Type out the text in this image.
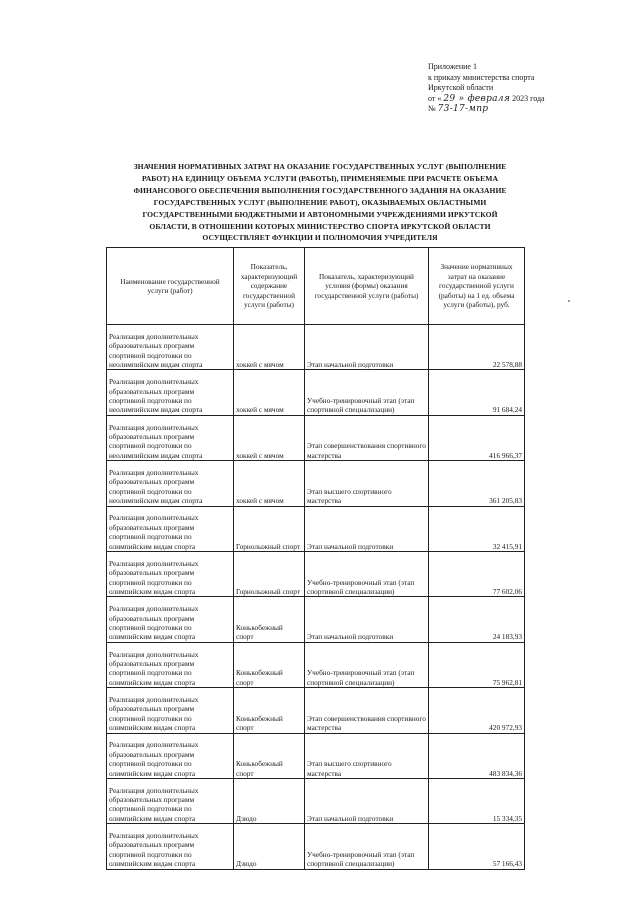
Приложение 1
к приказу министерства спорта
Иркутской области
от « 29 » февраля 2023 года
№ 73-17-мпр
ЗНАЧЕНИЯ НОРМАТИВНЫХ ЗАТРАТ НА ОКАЗАНИЕ ГОСУДАРСТВЕННЫХ УСЛУГ (ВЫПОЛНЕНИЕ
РАБОТ) НА ЕДИНИЦУ ОБЪЕМА УСЛУГИ (РАБОТЫ), ПРИМЕНЯЕМЫЕ ПРИ РАСЧЕТЕ ОБЪЕМА
ФИНАНСОВОГО ОБЕСПЕЧЕНИЯ ВЫПОЛНЕНИЯ ГОСУДАРСТВЕННОГО ЗАДАНИЯ НА ОКАЗАНИЕ
ГОСУДАРСТВЕННЫХ УСЛУГ (ВЫПОЛНЕНИЕ РАБОТ), ОКАЗЫВАЕМЫХ ОБЛАСТНЫМИ
ГОСУДАРСТВЕННЫМИ БЮДЖЕТНЫМИ И АВТОНОМНЫМИ УЧРЕЖДЕНИЯМИ ИРКУТСКОЙ
ОБЛАСТИ, В ОТНОШЕНИИ КОТОРЫХ МИНИСТЕРСТВО СПОРТА ИРКУТСКОЙ ОБЛАСТИ
ОСУЩЕСТВЛЯЕТ ФУНКЦИИ И ПОЛНОМОЧИЯ УЧРЕДИТЕЛЯ
Наименование государственной услуги (работ)	Показатель, характеризующий содержание государственной услуги (работы)	Показатель, характеризующий условия (формы) оказания государственной услуги (работы)	Значение нормативных затрат на оказание государственной услуги (работы) на 1 ед. объема услуги (работы), руб.

Реализация дополнительных
образовательных программ
спортивной подготовки по
неолимпийским видам спорта	хоккей с мячом	Этап начальной подготовки	22 578,88

Реализация дополнительных
образовательных программ
спортивной подготовки по
неолимпийским видам спорта	хоккей с мячом	Учебно-тренировочный этап (этап спортивной специализации)	91 684,24

Реализация дополнительных
образовательных программ
спортивной подготовки по
неолимпийским видам спорта	хоккей с мячом	Этап совершенствования спортивного мастерства	416 966,37

Реализация дополнительных
образовательных программ
спортивной подготовки по
неолимпийским видам спорта	хоккей с мячом	Этап высшего спортивного мастерства	361 205,83

Реализация дополнительных
образовательных программ
спортивной подготовки по
олимпийским видам спорта	Горнолыжный спорт	Этап начальной подготовки	32 415,91

Реализация дополнительных
образовательных программ
спортивной подготовки по
олимпийским видам спорта	Горнолыжный спорт	Учебно-тренировочный этап (этап спортивной специализации)	77 602,06

Реализация дополнительных
образовательных программ
спортивной подготовки по
олимпийским видам спорта	Конькобежный спорт	Этап начальной подготовки	24 183,93

Реализация дополнительных
образовательных программ
спортивной подготовки по
олимпийским видам спорта	Конькобежный спорт	Учебно-тренировочный этап (этап спортивной специализации)	75 962,81

Реализация дополнительных
образовательных программ
спортивной подготовки по
олимпийским видам спорта	Конькобежный спорт	Этап совершенствования спортивного мастерства	420 972,93

Реализация дополнительных
образовательных программ
спортивной подготовки по
олимпийским видам спорта	Конькобежный спорт	Этап высшего спортивного мастерства	483 834,36

Реализация дополнительных
образовательных программ
спортивной подготовки по
олимпийским видам спорта	Дзюдо	Этап начальной подготовки	15 334,35

Реализация дополнительных
образовательных программ
спортивной подготовки по
олимпийским видам спорта	Дзюдо	Учебно-тренировочный этап (этап спортивной специализации)	57 166,43
